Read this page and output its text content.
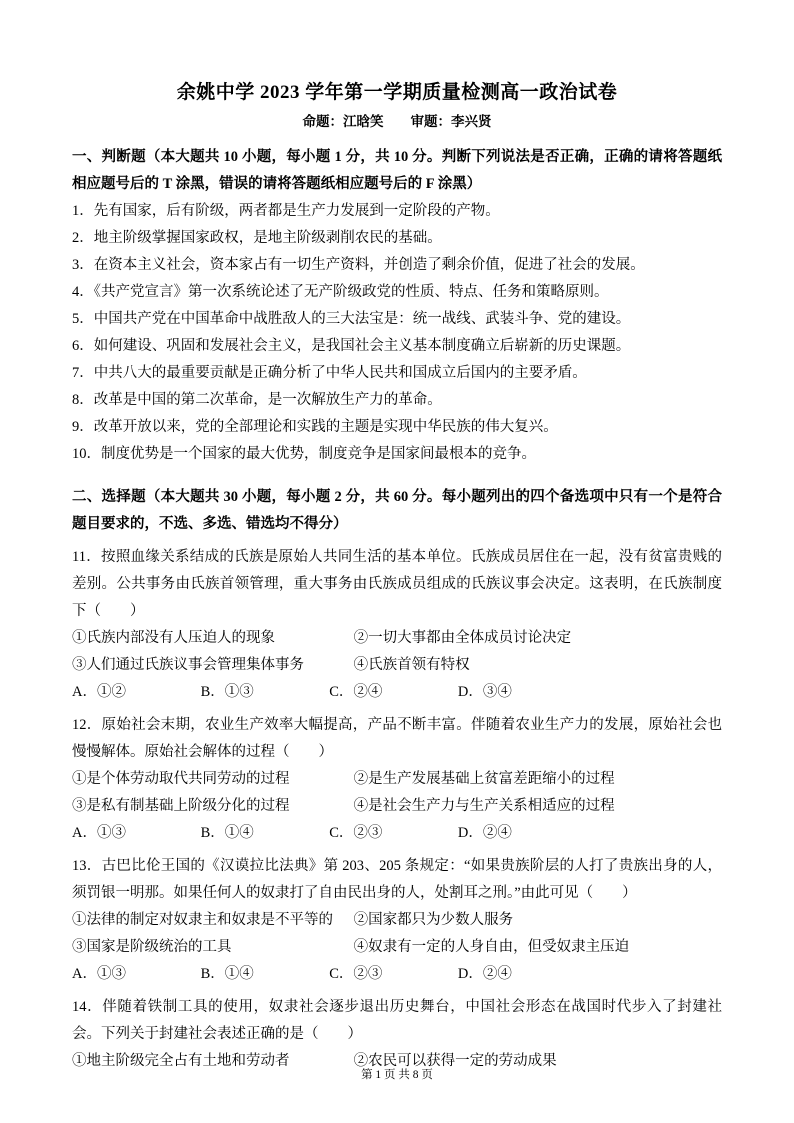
余姚中学 2023 学年第一学期质量检测高一政治试卷
命题：江晗笑　　审题：李兴贤
一、判断题（本大题共 10 小题，每小题 1 分，共 10 分。判断下列说法是否正确，正确的请将答题纸相应题号后的 T 涂黑，错误的请将答题纸相应题号后的 F 涂黑）
1．先有国家，后有阶级，两者都是生产力发展到一定阶段的产物。
2．地主阶级掌握国家政权，是地主阶级剥削农民的基础。
3．在资本主义社会，资本家占有一切生产资料，并创造了剩余价值，促进了社会的发展。
4．《共产党宣言》第一次系统论述了无产阶级政党的性质、特点、任务和策略原则。
5．中国共产党在中国革命中战胜敌人的三大法宝是：统一战线、武装斗争、党的建设。
6．如何建设、巩固和发展社会主义，是我国社会主义基本制度确立后崭新的历史课题。
7．中共八大的最重要贡献是正确分析了中华人民共和国成立后国内的主要矛盾。
8．改革是中国的第二次革命，是一次解放生产力的革命。
9．改革开放以来，党的全部理论和实践的主题是实现中华民族的伟大复兴。
10．制度优势是一个国家的最大优势，制度竞争是国家间最根本的竞争。
二、选择题（本大题共 30 小题，每小题 2 分，共 60 分。每小题列出的四个备选项中只有一个是符合题目要求的，不选、多选、错选均不得分）
11．按照血缘关系结成的氏族是原始人共同生活的基本单位。氏族成员居住在一起，没有贫富贵贱的差别。公共事务由氏族首领管理，重大事务由氏族成员组成的氏族议事会决定。这表明，在氏族制度下（　　）
①氏族内部没有人压迫人的现象	②一切大事都由全体成员讨论决定
③人们通过氏族议事会管理集体事务	④氏族首领有特权
A．①②	B．①③	C．②④	D．③④
12．原始社会末期，农业生产效率大幅提高，产品不断丰富。伴随着农业生产力的发展，原始社会也慢慢解体。原始社会解体的过程（　　）
①是个体劳动取代共同劳动的过程	②是生产发展基础上贫富差距缩小的过程
③是私有制基础上阶级分化的过程	④是社会生产力与生产关系相适应的过程
A．①③	B．①④	C．②③	D．②④
13．古巴比伦王国的《汉谟拉比法典》第 203、205 条规定：“如果贵族阶层的人打了贵族出身的人，须罚银一明那。如果任何人的奴隶打了自由民出身的人，处割耳之刑。”由此可见（　　）
①法律的制定对奴隶主和奴隶是不平等的 ②国家都只为少数人服务
③国家是阶级统治的工具	④奴隶有一定的人身自由，但受奴隶主压迫
A．①③	B．①④	C．②③	D．②④
14．伴随着铁制工具的使用，奴隶社会逐步退出历史舞台，中国社会形态在战国时代步入了封建社会。下列关于封建社会表述正确的是（　　）
①地主阶级完全占有土地和劳动者	②农民可以获得一定的劳动成果
第 1 页 共 8 页
